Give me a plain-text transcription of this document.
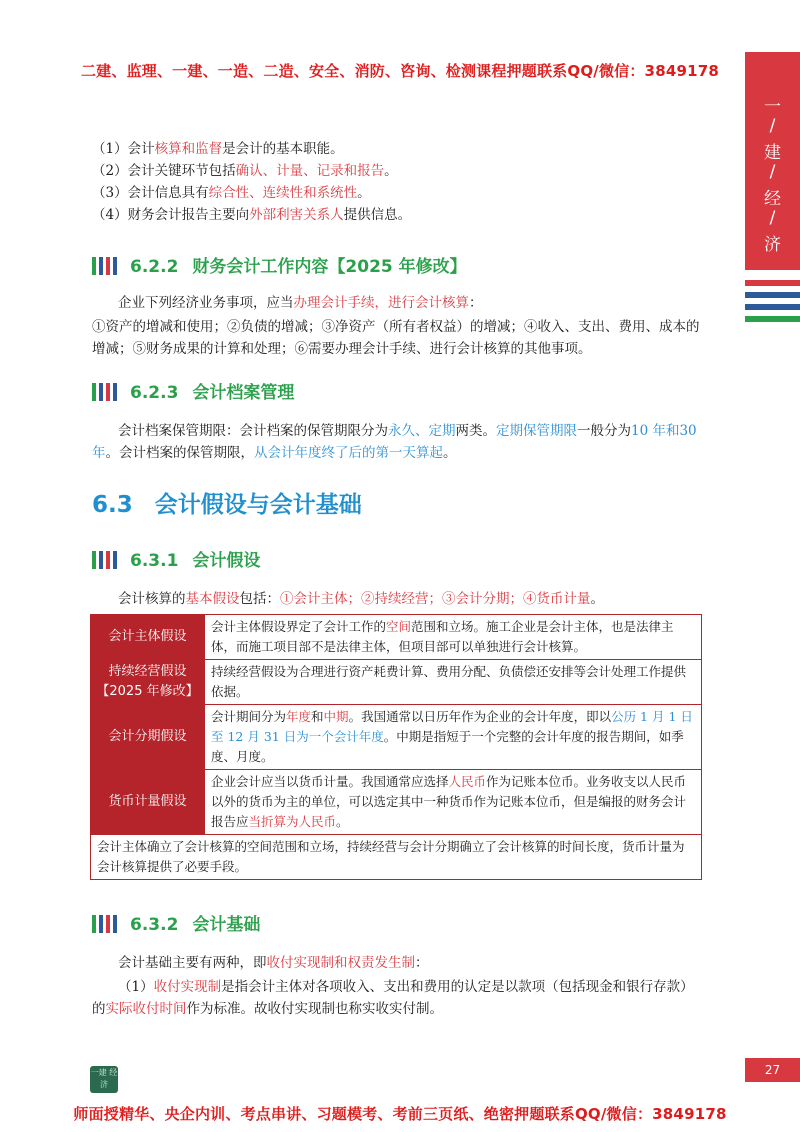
二建、监理、一建、一造、二造、安全、消防、咨询、检测课程押题联系QQ/微信：3849178
一
/
建
/
经
/
济
（1）会计核算和监督是会计的基本职能。
（2）会计关键环节包括确认、计量、记录和报告。
（3）会计信息具有综合性、连续性和系统性。
（4）财务会计报告主要向外部利害关系人提供信息。
6.2.2 财务会计工作内容【2025 年修改】
企业下列经济业务事项，应当办理会计手续，进行会计核算：
①资产的增减和使用；②负债的增减；③净资产（所有者权益）的增减；④收入、支出、费用、成本的增减；⑤财务成果的计算和处理；⑥需要办理会计手续、进行会计核算的其他事项。
6.2.3 会计档案管理
会计档案保管期限：会计档案的保管期限分为永久、定期两类。定期保管期限一般分为10 年和30 年。会计档案的保管期限，从会计年度终了后的第一天算起。
6.3 会计假设与会计基础
6.3.1 会计假设
会计核算的基本假设包括：①会计主体；②持续经营；③会计分期；④货币计量。
会计主体假设	会计主体假设界定了会计工作的空间范围和立场。施工企业是会计主体，也是法律主体，而施工项目部不是法律主体，但项目部可以单独进行会计核算。
持续经营假设
【2025 年修改】	持续经营假设为合理进行资产耗费计算、费用分配、负债偿还安排等会计处理工作提供依据。
会计分期假设	会计期间分为年度和中期。我国通常以日历年作为企业的会计年度，即以公历 1 月 1 日至 12 月 31 日为一个会计年度。中期是指短于一个完整的会计年度的报告期间，如季度、月度。
货币计量假设	企业会计应当以货币计量。我国通常应选择人民币作为记账本位币。业务收支以人民币以外的货币为主的单位，可以选定其中一种货币作为记账本位币，但是编报的财务会计报告应当折算为人民币。
会计主体确立了会计核算的空间范围和立场，持续经营与会计分期确立了会计核算的时间长度，货币计量为会计核算提供了必要手段。	
6.3.2 会计基础
会计基础主要有两种，即收付实现制和权责发生制：
（1）收付实现制是指会计主体对各项收入、支出和费用的认定是以款项（包括现金和银行存款）的实际收付时间作为标准。故收付实现制也称实收实付制。
一建 经济
27
师面授精华、央企内训、考点串讲、习题模考、考前三页纸、绝密押题联系QQ/微信：3849178
